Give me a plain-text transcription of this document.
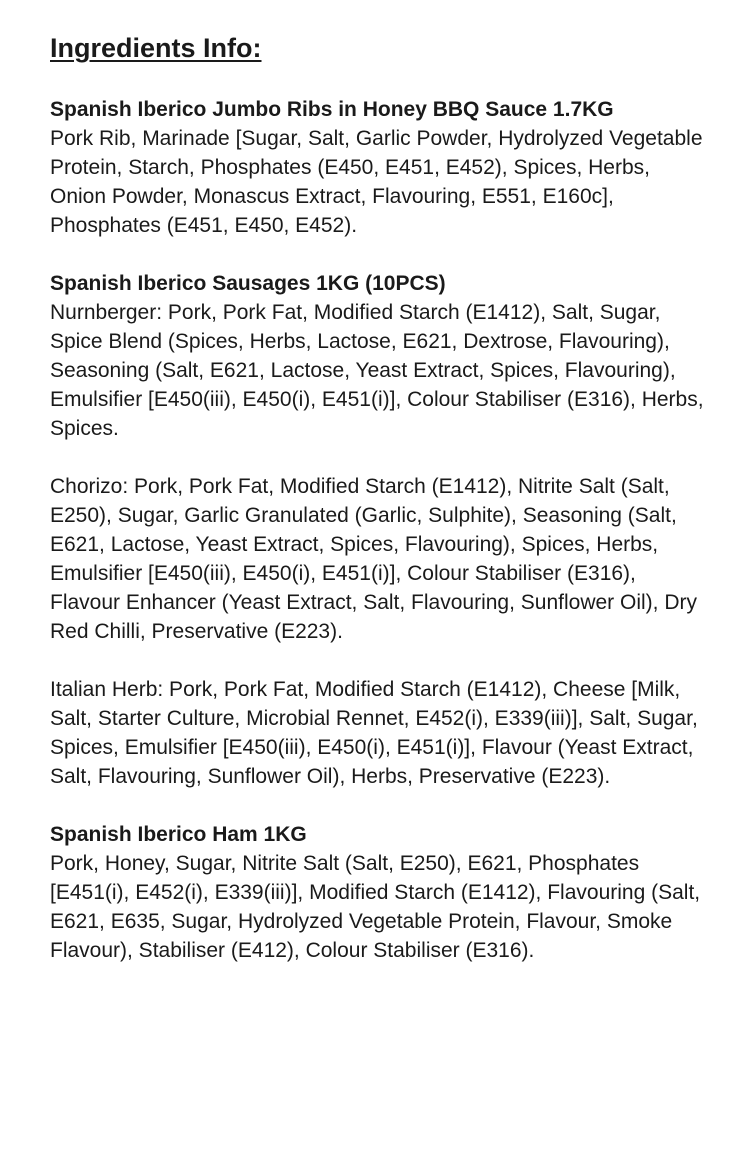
Ingredients Info:

Spanish Iberico Jumbo Ribs in Honey BBQ Sauce 1.7KG

Pork Rib, Marinade [Sugar, Salt, Garlic Powder, Hydrolyzed Vegetable Protein, Starch, Phosphates (E450, E451, E452), Spices, Herbs, Onion Powder, Monascus Extract, Flavouring, E551, E160c], Phosphates (E451, E450, E452).

Spanish Iberico Sausages 1KG (10PCS)

Nurnberger: Pork, Pork Fat, Modified Starch (E1412), Salt, Sugar, Spice Blend (Spices, Herbs, Lactose, E621, Dextrose, Flavouring), Seasoning (Salt, E621, Lactose, Yeast Extract, Spices, Flavouring), Emulsifier [E450(iii), E450(i), E451(i)], Colour Stabiliser (E316), Herbs, Spices.

Chorizo: Pork, Pork Fat, Modified Starch (E1412), Nitrite Salt (Salt, E250), Sugar, Garlic Granulated (Garlic, Sulphite), Seasoning (Salt, E621, Lactose, Yeast Extract, Spices, Flavouring), Spices, Herbs, Emulsifier [E450(iii), E450(i), E451(i)], Colour Stabiliser (E316), Flavour Enhancer (Yeast Extract, Salt, Flavouring, Sunflower Oil), Dry Red Chilli, Preservative (E223).

Italian Herb: Pork, Pork Fat, Modified Starch (E1412), Cheese [Milk, Salt, Starter Culture, Microbial Rennet, E452(i), E339(iii)], Salt, Sugar, Spices, Emulsifier [E450(iii), E450(i), E451(i)], Flavour (Yeast Extract, Salt, Flavouring, Sunflower Oil), Herbs, Preservative (E223).

Spanish Iberico Ham 1KG

Pork, Honey, Sugar, Nitrite Salt (Salt, E250), E621, Phosphates [E451(i), E452(i), E339(iii)], Modified Starch (E1412), Flavouring (Salt, E621, E635, Sugar, Hydrolyzed Vegetable Protein, Flavour, Smoke Flavour), Stabiliser (E412), Colour Stabiliser (E316).
